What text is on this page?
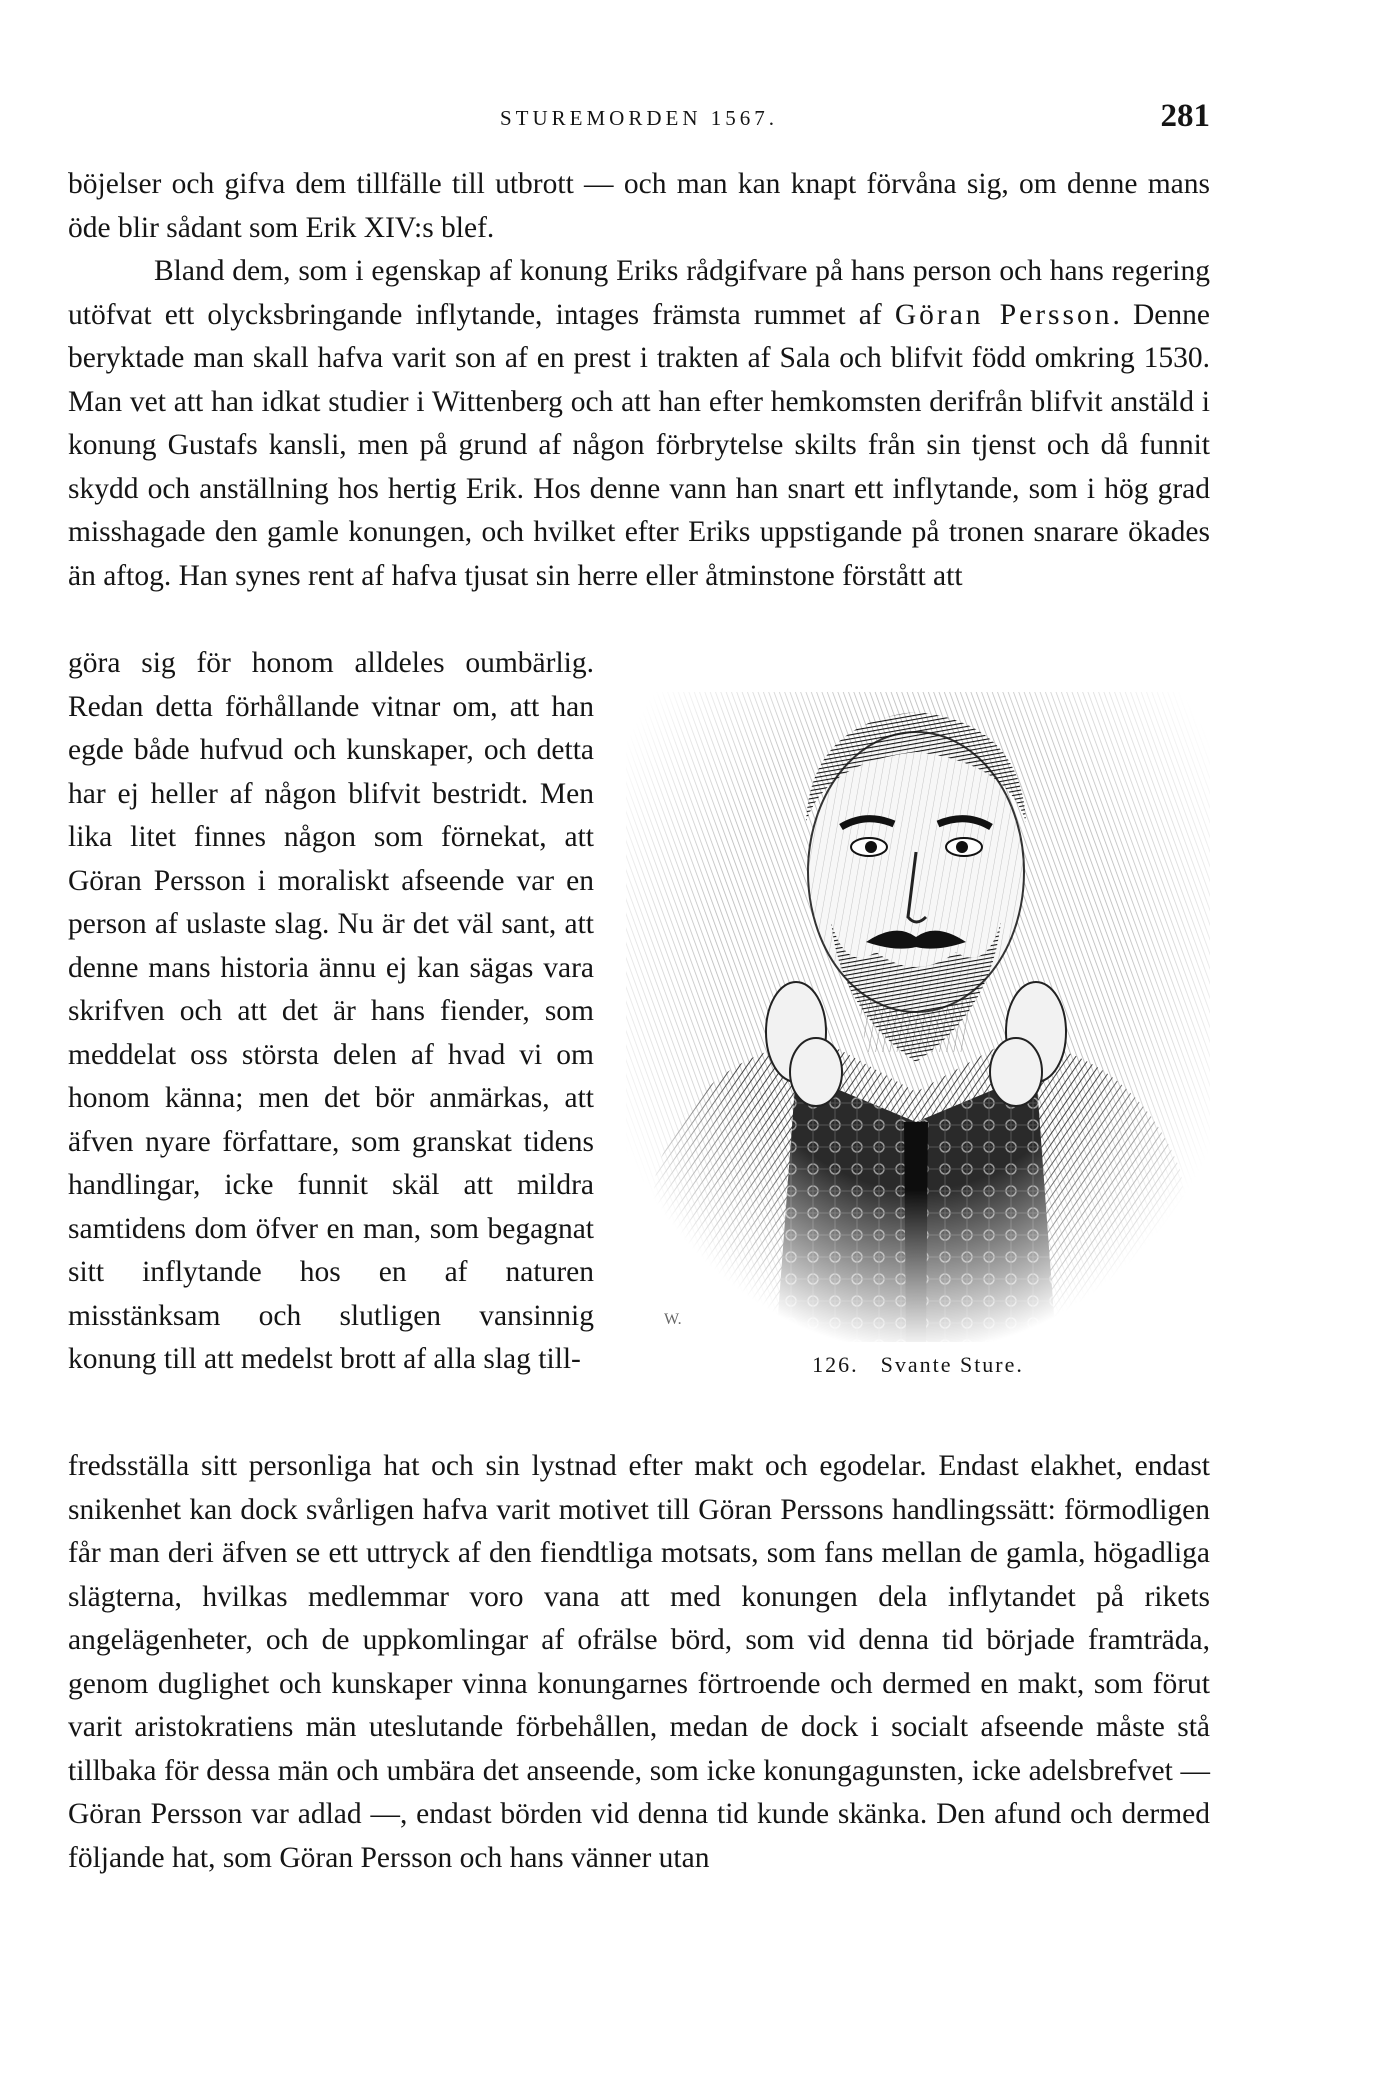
STUREMORDEN 1567.	281

böjelser och gifva dem tillfälle till utbrott — och man kan knapt förvåna sig, om denne mans öde blir sådant som Erik XIV:s blef.

Bland dem, som i egenskap af konung Eriks rådgifvare på hans person och hans regering utöfvat ett olycksbringande inflytande, intages främsta rummet af Göran Persson. Denne beryktade man skall hafva varit son af en prest i trakten af Sala och blifvit född omkring 1530. Man vet att han idkat studier i Wittenberg och att han efter hemkomsten derifrån blifvit anstäld i konung Gustafs kansli, men på grund af någon förbrytelse skilts från sin tjenst och då funnit skydd och anställning hos hertig Erik. Hos denne vann han snart ett inflytande, som i hög grad misshagade den gamle konungen, och hvilket efter Eriks uppstigande på tronen snarare ökades än aftog. Han synes rent af hafva tjusat sin herre eller åtminstone förstått att

göra sig för honom alldeles oumbärlig. Redan detta förhållande vitnar om, att han egde både hufvud och kunskaper, och detta har ej heller af någon blifvit bestridt. Men lika litet finnes någon som förnekat, att Göran Persson i moraliskt afseende var en person af uslaste slag. Nu är det väl sant, att denne mans historia ännu ej kan sägas vara skrifven och att det är hans fiender, som meddelat oss största delen af hvad vi om honom känna; men det bör anmärkas, att äfven nyare författare, som granskat tidens handlingar, icke funnit skäl att mildra samtidens dom öfver en man, som begagnat sitt inflytande hos en af naturen misstänksam och slutligen vansinnig konung till att medelst brott af alla slag till-

W.
126. Svante Sture.

fredsställa sitt personliga hat och sin lystnad efter makt och egodelar. Endast elakhet, endast snikenhet kan dock svårligen hafva varit motivet till Göran Perssons handlingssätt: förmodligen får man deri äfven se ett uttryck af den fiendtliga motsats, som fans mellan de gamla, högadliga slägterna, hvilkas medlemmar voro vana att med konungen dela inflytandet på rikets angelägenheter, och de uppkomlingar af ofrälse börd, som vid denna tid började framträda, genom duglighet och kunskaper vinna konungarnes förtroende och dermed en makt, som förut varit aristokratiens män uteslutande förbehållen, medan de dock i socialt afseende måste stå tillbaka för dessa män och umbära det anseende, som icke konungagunsten, icke adelsbrefvet — Göran Persson var adlad —, endast börden vid denna tid kunde skänka. Den afund och dermed följande hat, som Göran Persson och hans vänner utan
